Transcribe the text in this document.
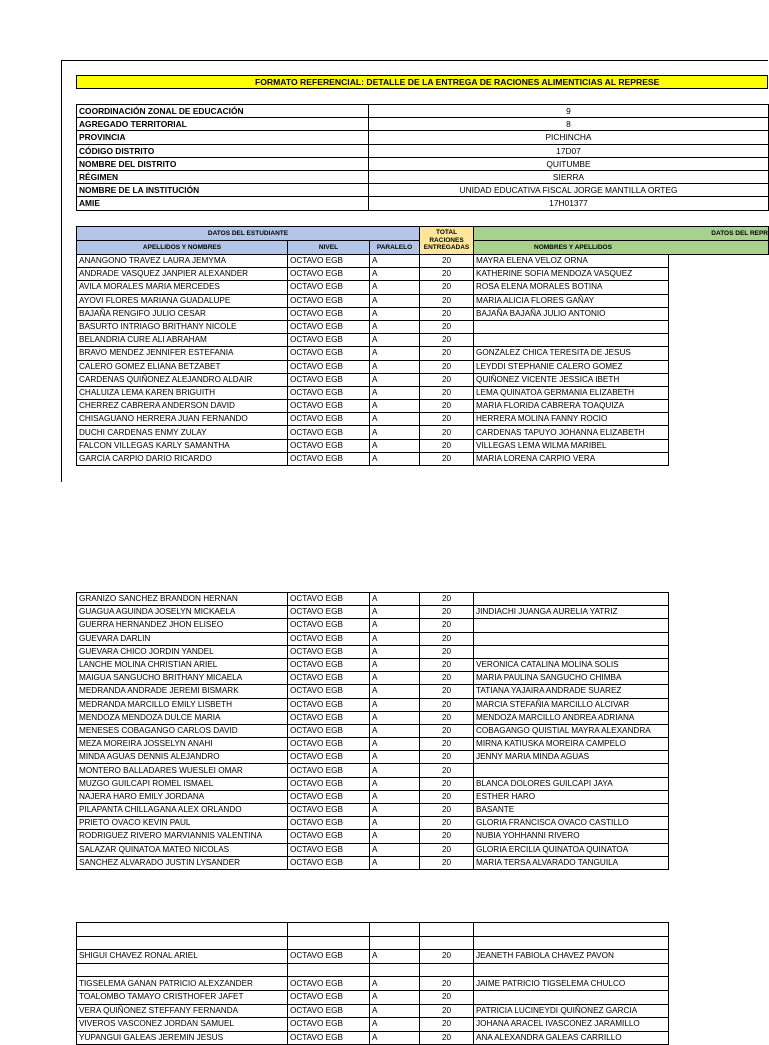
FORMATO REFERENCIAL: DETALLE DE LA ENTREGA DE RACIONES ALIMENTICIAS AL REPRESE
COORDINACIÓN ZONAL DE EDUCACIÓN	9
AGREGADO TERRITORIAL	8
PROVINCIA	PICHINCHA
CÓDIGO DISTRITO	17D07
NOMBRE DEL DISTRITO	QUITUMBE
RÉGIMEN	SIERRA
NOMBRE DE LA INSTITUCIÓN	UNIDAD EDUCATIVA FISCAL JORGE MANTILLA ORTEG
AMIE	17H01377
DATOS DEL ESTUDIANTE			TOTAL RACIONES ENTREGADAS	DATOS DEL REPR
APELLIDOS Y NOMBRES	NIVEL	PARALELO		NOMBRES Y APELLIDOS
ANANGONO TRAVEZ LAURA JEMYMA	OCTAVO EGB	A	20	MAYRA ELENA VELOZ ORNA
ANDRADE VASQUEZ JANPIER ALEXANDER	OCTAVO EGB	A	20	KATHERINE SOFIA MENDOZA VASQUEZ
AVILA MORALES MARIA MERCEDES	OCTAVO EGB	A	20	ROSA ELENA MORALES BOTINA
AYOVI FLORES MARIANA GUADALUPE	OCTAVO EGB	A	20	MARIA ALICIA FLORES GAÑAY
BAJAÑA RENGIFO JULIO CESAR	OCTAVO EGB	A	20	BAJAÑA BAJAÑA JULIO ANTONIO
BASURTO INTRIAGO BRITHANY NICOLE	OCTAVO EGB	A	20	
BELANDRIA CURE ALI ABRAHAM	OCTAVO EGB	A	20	
BRAVO MENDEZ JENNIFER ESTEFANIA	OCTAVO EGB	A	20	GONZALEZ CHICA TERESITA DE JESUS
CALERO GOMEZ ELIANA BETZABET	OCTAVO EGB	A	20	LEYDDI STEPHANIE CALERO GOMEZ
CARDENAS QUIÑONEZ ALEJANDRO ALDAIR	OCTAVO EGB	A	20	QUIÑONEZ VICENTE JESSICA IBETH
CHALUIZA LEMA KAREN BRIGUITH	OCTAVO EGB	A	20	LEMA QUINATOA GERMANIA ELIZABETH
CHERREZ CABRERA ANDERSON DAVID	OCTAVO EGB	A	20	MARIA FLORIDA CABRERA TOAQUIZA
CHISAGUANO HERRERA JUAN FERNANDO	OCTAVO EGB	A	20	HERRERA MOLINA FANNY ROCIO
DUCHI CARDENAS ENMY ZULAY	OCTAVO EGB	A	20	CARDENAS TAPUYO JOHANNA ELIZABETH
FALCON VILLEGAS KARLY SAMANTHA	OCTAVO EGB	A	20	VILLEGAS LEMA WILMA MARIBEL
GARCIA CARPIO DARIO RICARDO	OCTAVO EGB	A	20	MARIA LORENA CARPIO VERA
GRANIZO SANCHEZ BRANDON HERNAN	OCTAVO EGB	A	20	
GUAGUA AGUINDA JOSELYN MICKAELA	OCTAVO EGB	A	20	JINDIACHI JUANGA AURELIA YATRIZ
GUERRA HERNANDEZ JHON ELISEO	OCTAVO EGB	A	20	
GUEVARA DARLIN	OCTAVO EGB	A	20	
GUEVARA CHICO JORDIN YANDEL	OCTAVO EGB	A	20	
LANCHE MOLINA CHRISTIAN ARIEL	OCTAVO EGB	A	20	VERONICA CATALINA MOLINA SOLIS
MAIGUA SANGUCHO BRITHANY MICAELA	OCTAVO EGB	A	20	MARIA PAULINA SANGUCHO CHIMBA
MEDRANDA ANDRADE JEREMI BISMARK	OCTAVO EGB	A	20	TATIANA YAJAIRA ANDRADE SUAREZ
MEDRANDA MARCILLO EMILY LISBETH	OCTAVO EGB	A	20	MARCIA STEFAÑIA MARCILLO ALCIVAR
MENDOZA MENDOZA DULCE MARIA	OCTAVO EGB	A	20	MENDOZA MARCILLO ANDREA ADRIANA
MENESES COBAGANGO CARLOS DAVID	OCTAVO EGB	A	20	COBAGANGO QUISTIAL MAYRA ALEXANDRA
MEZA MOREIRA JOSSELYN ANAHI	OCTAVO EGB	A	20	MIRNA KATIUSKA MOREIRA CAMPELO
MINDA AGUAS DENNIS ALEJANDRO	OCTAVO EGB	A	20	JENNY MARIA MINDA AGUAS
MONTERO BALLADARES WUESLEI OMAR	OCTAVO EGB	A	20	
MUZGO GUILCAPI ROMEL ISMAEL	OCTAVO EGB	A	20	BLANCA DOLORES GUILCAPI JAYA
NAJERA HARO EMILY JORDANA	OCTAVO EGB	A	20	ESTHER HARO
PILAPANTA CHILLAGANA ALEX ORLANDO	OCTAVO EGB	A	20	BASANTE
PRIETO OVACO KEVIN PAUL	OCTAVO EGB	A	20	GLORIA FRANCISCA OVACO CASTILLO
RODRIGUEZ RIVERO MARVIANNIS VALENTINA	OCTAVO EGB	A	20	NUBIA YOHHANNI RIVERO
SALAZAR QUINATOA MATEO NICOLAS	OCTAVO EGB	A	20	GLORIA ERCILIA QUINATOA QUINATOA
SANCHEZ ALVARADO JUSTIN LYSANDER	OCTAVO EGB	A	20	MARIA TERSA ALVARADO TANGUILA

SHIGUI CHAVEZ RONAL ARIEL	OCTAVO EGB	A	20	JEANETH FABIOLA CHAVEZ PAVON

TIGSELEMA GANAN PATRICIO ALEXZANDER	OCTAVO EGB	A	20	JAIME PATRICIO TIGSELEMA CHULCO
TOALOMBO TAMAYO CRISTHOFER JAFET	OCTAVO EGB	A	20	
VERA QUIÑONEZ STEFFANY FERNANDA	OCTAVO EGB	A	20	PATRICIA LUCINEYDI QUIÑONEZ GARCIA
VIVEROS VASCONEZ JORDAN SAMUEL	OCTAVO EGB	A	20	JOHANA ARACEL IVASCONEZ JARAMILLO
YUPANGUI GALEAS JEREMIN JESUS	OCTAVO EGB	A	20	ANA ALEXANDRA GALEAS CARRILLO
